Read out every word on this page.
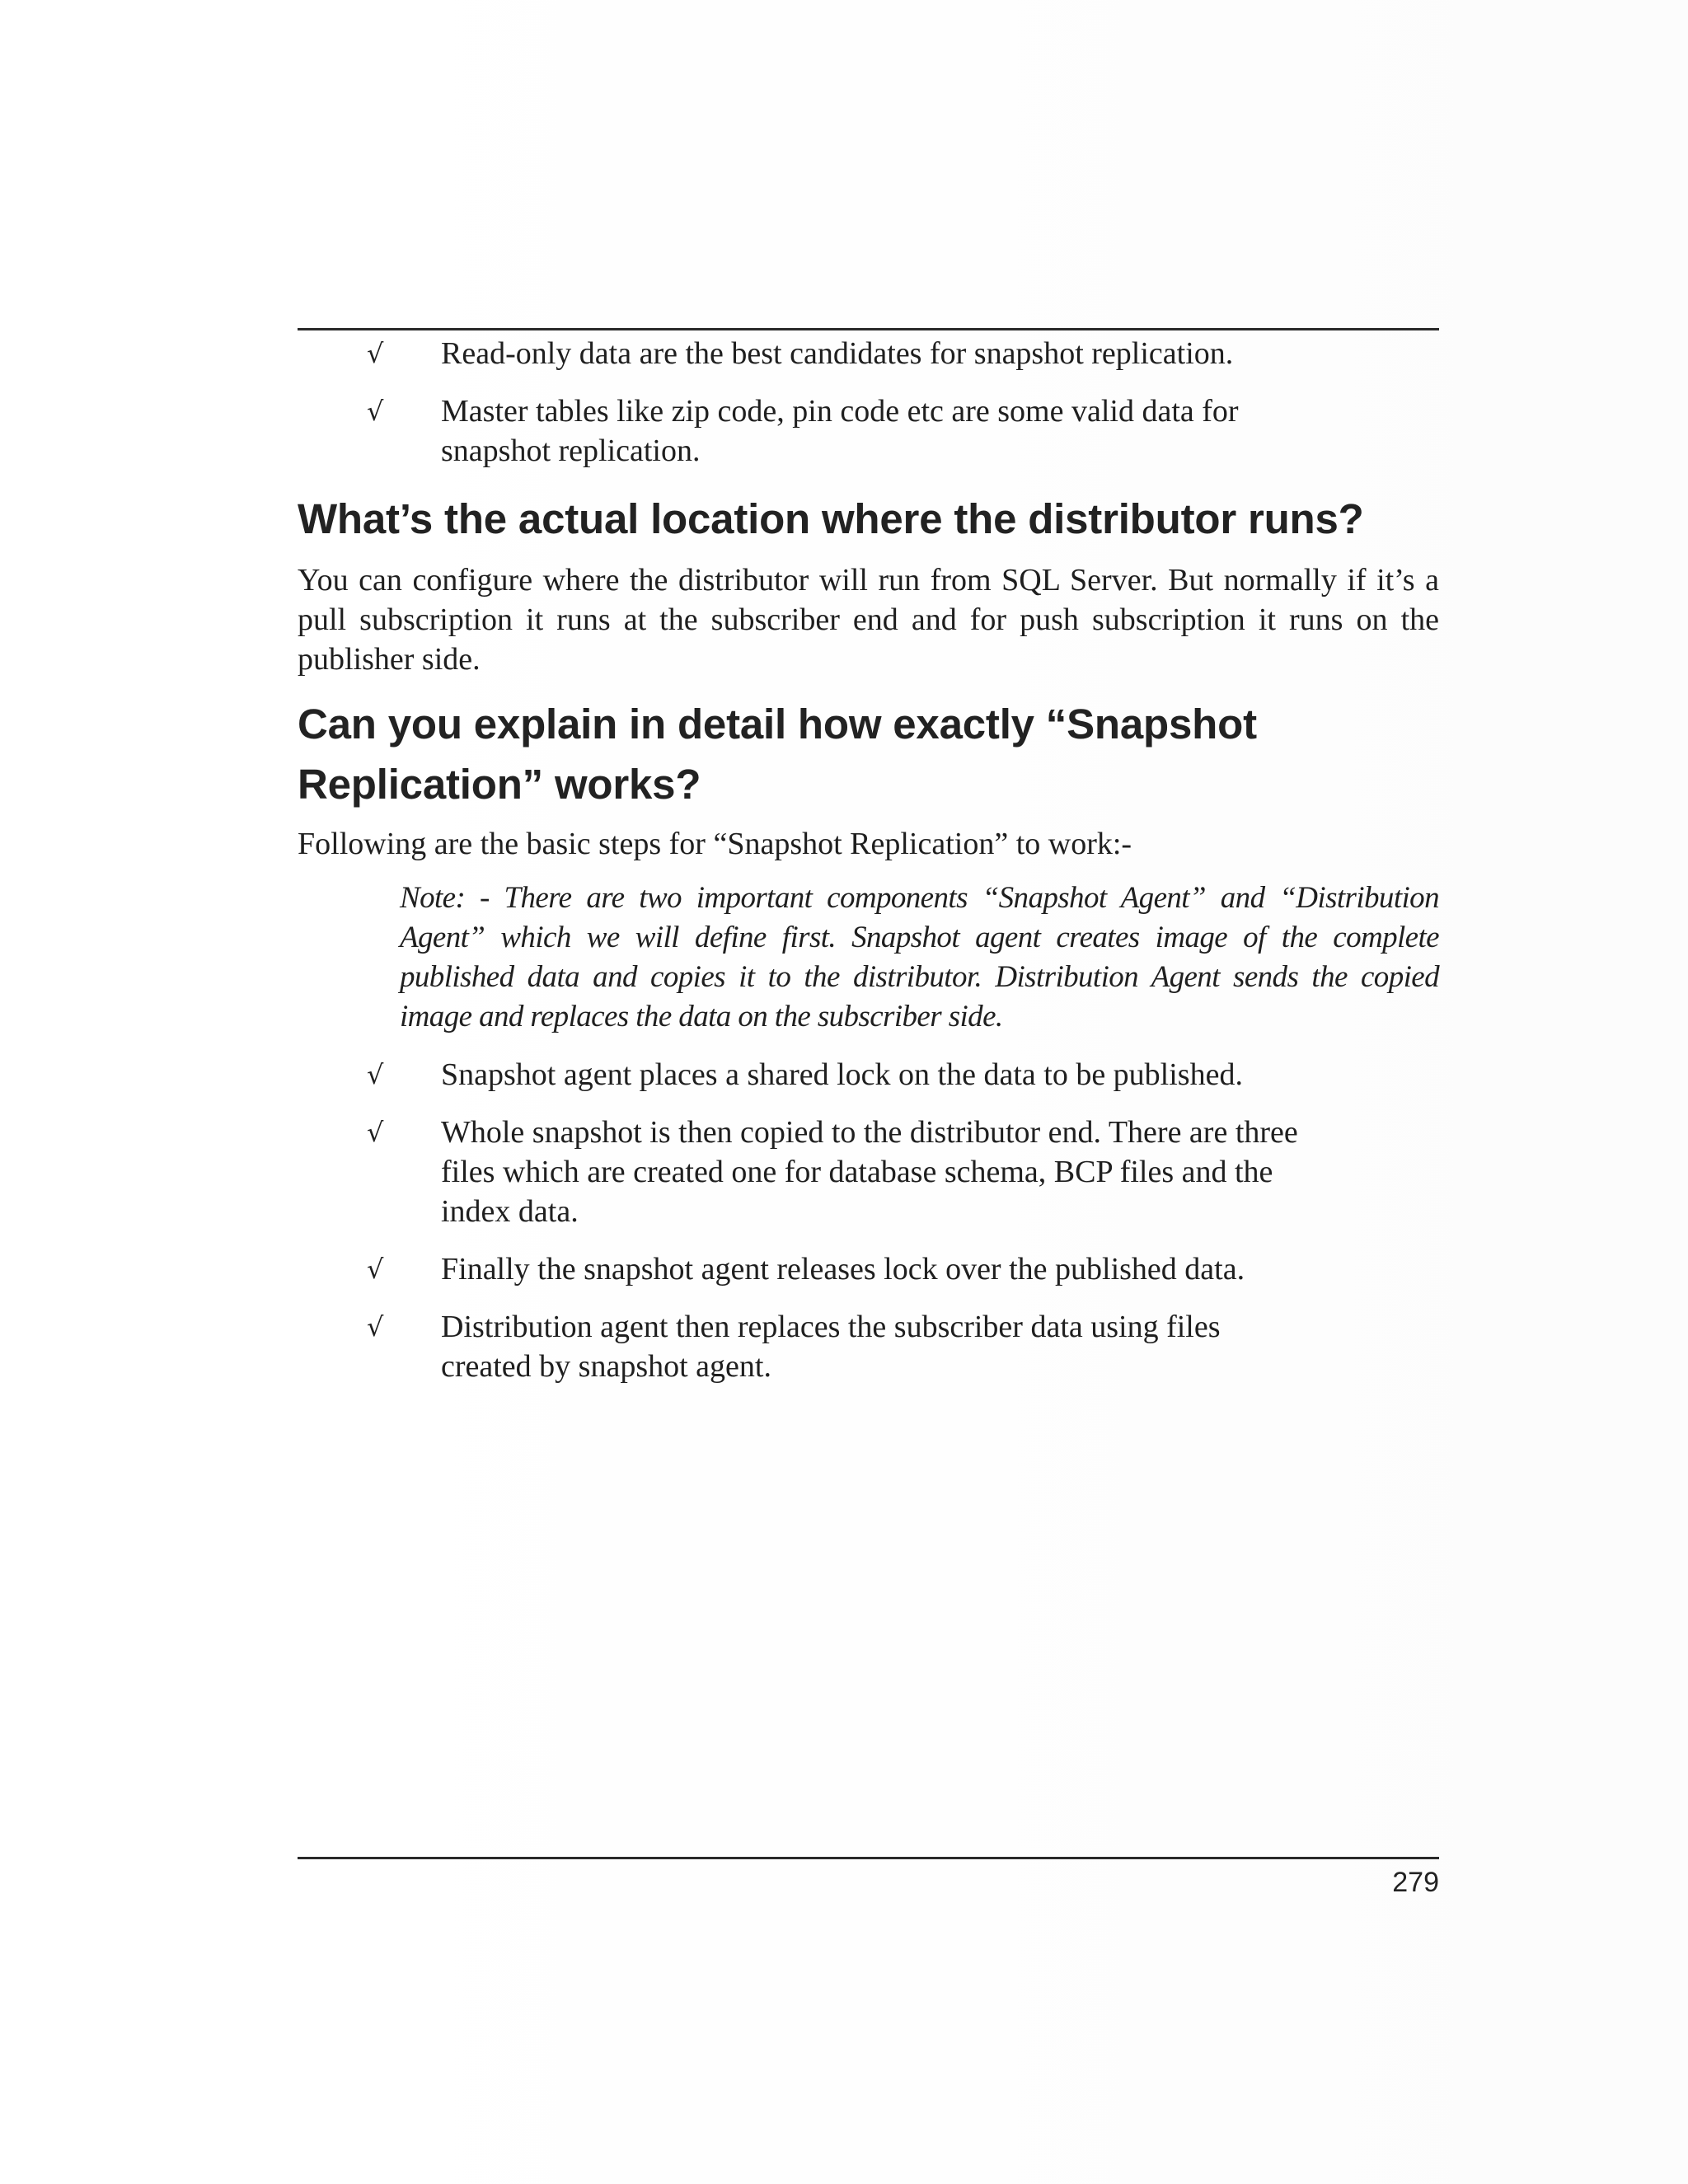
√ Read-only data are the best candidates for snapshot replication.
√ Master tables like zip code, pin code etc are some valid data for snapshot replication.
What’s the actual location where the distributor runs?

You can configure where the distributor will run from SQL Server. But normally if it’s a pull subscription it runs at the subscriber end and for push subscription it runs on the publisher side.

Can you explain in detail how exactly “Snapshot Replication” works?

Following are the basic steps for “Snapshot Replication” to work:-

Note: - There are two important components “Snapshot Agent” and “Distribution Agent” which we will define first. Snapshot agent creates image of the complete published data and copies it to the distributor. Distribution Agent sends the copied image and replaces the data on the subscriber side.

√ Snapshot agent places a shared lock on the data to be published.
√ Whole snapshot is then copied to the distributor end. There are three files which are created one for database schema, BCP files and the index data.
√ Finally the snapshot agent releases lock over the published data.
√ Distribution agent then replaces the subscriber data using files created by snapshot agent.
279
